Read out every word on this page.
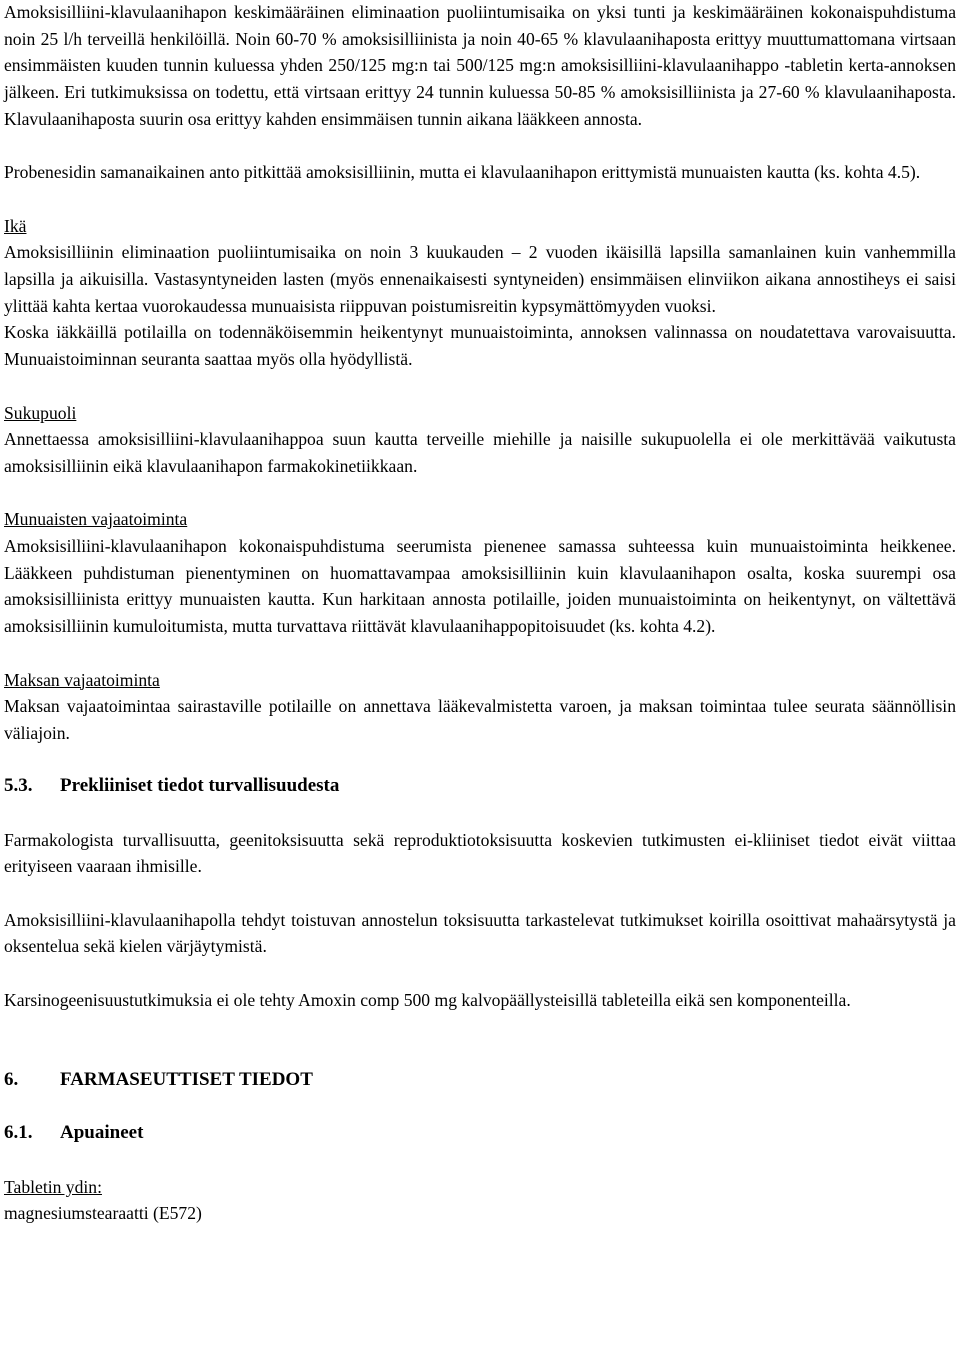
Amoksisilliini-klavulaanihapon keskimääräinen eliminaation puoliintumisaika on yksi tunti ja keskimääräinen kokonaispuhdistuma noin 25 l/h terveillä henkilöillä. Noin 60-70 % amoksisilliinista ja noin 40-65 % klavulaanihaposta erittyy muuttumattomana virtsaan ensimmäisten kuuden tunnin kuluessa yhden 250/125 mg:n tai 500/125 mg:n amoksisilliini-klavulaanihappo -tabletin kerta-annoksen jälkeen. Eri tutkimuksissa on todettu, että virtsaan erittyy 24 tunnin kuluessa 50-85 % amoksisilliinista ja 27-60 % klavulaanihaposta. Klavulaanihaposta suurin osa erittyy kahden ensimmäisen tunnin aikana lääkkeen annosta.

Probenesidin samanaikainen anto pitkittää amoksisilliinin, mutta ei klavulaanihapon erittymistä munuaisten kautta (ks. kohta 4.5).

Ikä

Amoksisilliinin eliminaation puoliintumisaika on noin 3 kuukauden – 2 vuoden ikäisillä lapsilla samanlainen kuin vanhemmilla lapsilla ja aikuisilla. Vastasyntyneiden lasten (myös ennenaikaisesti syntyneiden) ensimmäisen elinviikon aikana annostiheys ei saisi ylittää kahta kertaa vuorokaudessa munuaisista riippuvan poistumisreitin kypsymättömyyden vuoksi.

Koska iäkkäillä potilailla on todennäköisemmin heikentynyt munuaistoiminta, annoksen valinnassa on noudatettava varovaisuutta. Munuaistoiminnan seuranta saattaa myös olla hyödyllistä.

Sukupuoli

Annettaessa amoksisilliini-klavulaanihappoa suun kautta terveille miehille ja naisille sukupuolella ei ole merkittävää vaikutusta amoksisilliinin eikä klavulaanihapon farmakokinetiikkaan.

Munuaisten vajaatoiminta

Amoksisilliini-klavulaanihapon kokonaispuhdistuma seerumista pienenee samassa suhteessa kuin munuaistoiminta heikkenee. Lääkkeen puhdistuman pienentyminen on huomattavampaa amoksisilliinin kuin klavulaanihapon osalta, koska suurempi osa amoksisilliinista erittyy munuaisten kautta. Kun harkitaan annosta potilaille, joiden munuaistoiminta on heikentynyt, on vältettävä amoksisilliinin kumuloitumista, mutta turvattava riittävät klavulaanihappopitoisuudet (ks. kohta 4.2).

Maksan vajaatoiminta

Maksan vajaatoimintaa sairastaville potilaille on annettava lääkevalmistetta varoen, ja maksan toimintaa tulee seurata säännöllisin väliajoin.

5.3. Prekliiniset tiedot turvallisuudesta

Farmakologista turvallisuutta, geenitoksisuutta sekä reproduktiotoksisuutta koskevien tutkimusten ei-kliiniset tiedot eivät viittaa erityiseen vaaraan ihmisille.

Amoksisilliini-klavulaanihapolla tehdyt toistuvan annostelun toksisuutta tarkastelevat tutkimukset koirilla osoittivat mahaärsytystä ja oksentelua sekä kielen värjäytymistä.

Karsinogeenisuustutkimuksia ei ole tehty Amoxin comp 500 mg kalvopäällysteisillä tableteilla eikä sen komponenteilla.

6. FARMASEUTTISET TIEDOT

6.1. Apuaineet

Tabletin ydin:

magnesiumstearaatti (E572)
